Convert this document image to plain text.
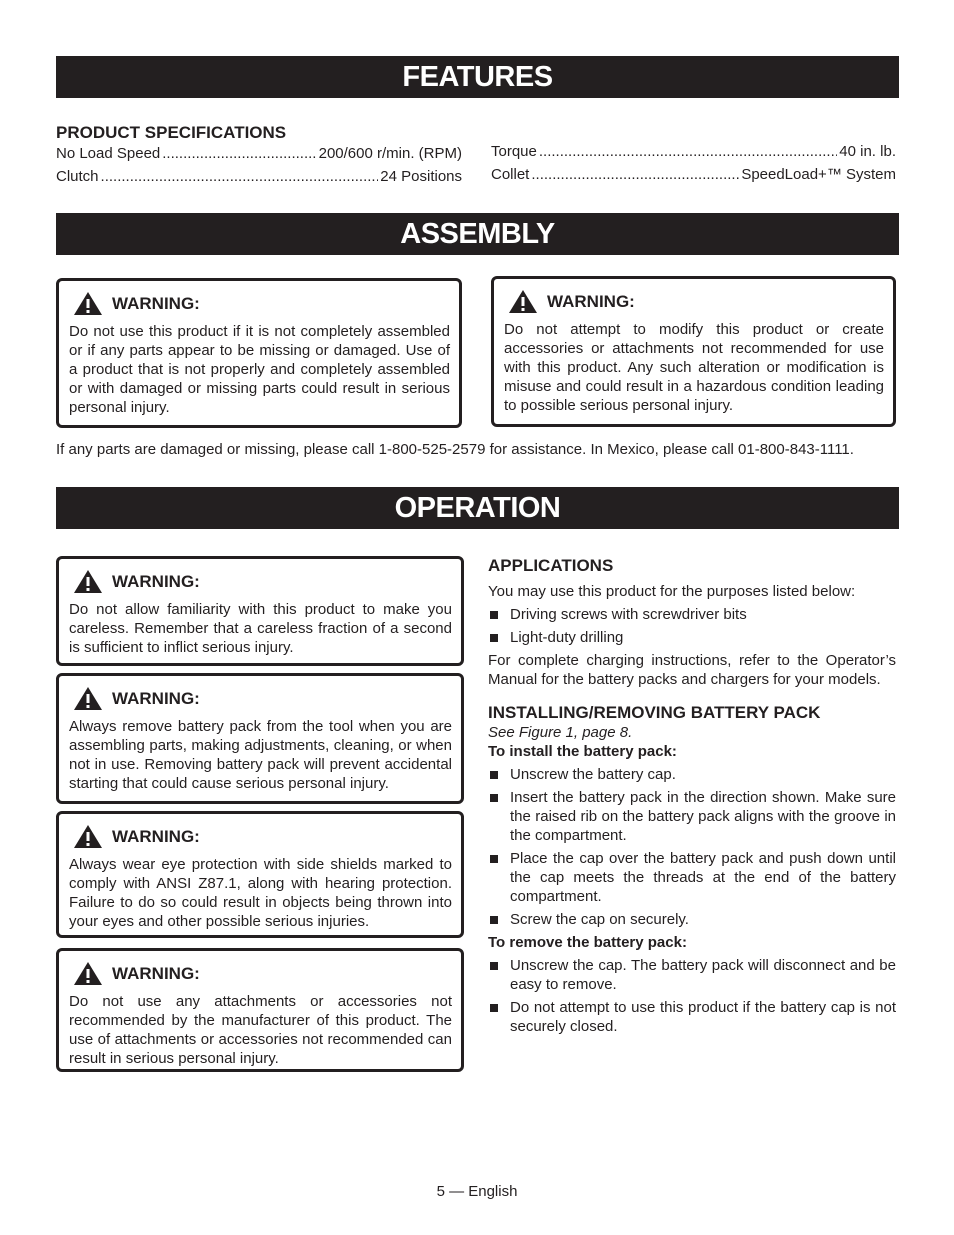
FEATURES
PRODUCT SPECIFICATIONS
No Load Speed .....	200/600 r/min. (RPM)
Clutch .....	24 Positions
Torque .....	40 in. lb.
Collet .....	SpeedLoad+™ System
ASSEMBLY
WARNING:
Do not use this product if it is not completely assembled or if any parts appear to be missing or damaged. Use of a product that is not properly and completely assembled or with damaged or missing parts could result in serious personal injury.
WARNING:
Do not attempt to modify this product or create accessories or attachments not recommended for use with this product. Any such alteration or modification is misuse and could result in a hazardous condition leading to possible serious personal injury.
If any parts are damaged or missing, please call 1-800-525-2579 for assistance. In Mexico, please call 01-800-843-1111.
OPERATION
WARNING:
Do not allow familiarity with this product to make you careless. Remember that a careless fraction of a second is sufficient to inflict serious injury.
WARNING:
Always remove battery pack from the tool when you are assembling parts, making adjustments, cleaning, or when not in use. Removing battery pack will prevent accidental starting that could cause serious personal injury.
WARNING:
Always wear eye protection with side shields marked to comply with ANSI Z87.1, along with hearing protection. Failure to do so could result in objects being thrown into your eyes and other possible serious injuries.
WARNING:
Do not use any attachments or accessories not recommended by the manufacturer of this product. The use of attachments or accessories not recommended can result in serious personal injury.
APPLICATIONS

You may use this product for the purposes listed below:

Driving screws with screwdriver bits
Light-duty drilling

For complete charging instructions, refer to the Operator’s Manual for the battery packs and chargers for your models.

INSTALLING/REMOVING BATTERY PACK

See Figure 1, page 8.

To install the battery pack:

Unscrew the battery cap.
Insert the battery pack in the direction shown. Make sure the raised rib on the battery pack aligns with the groove in the compartment.
Place the cap over the battery pack and push down until the cap meets the threads at the end of the battery compartment.
Screw the cap on securely.

To remove the battery pack:

Unscrew the cap. The battery pack will disconnect and be easy to remove.
Do not attempt to use this product if the battery cap is not securely closed.
5 — English
